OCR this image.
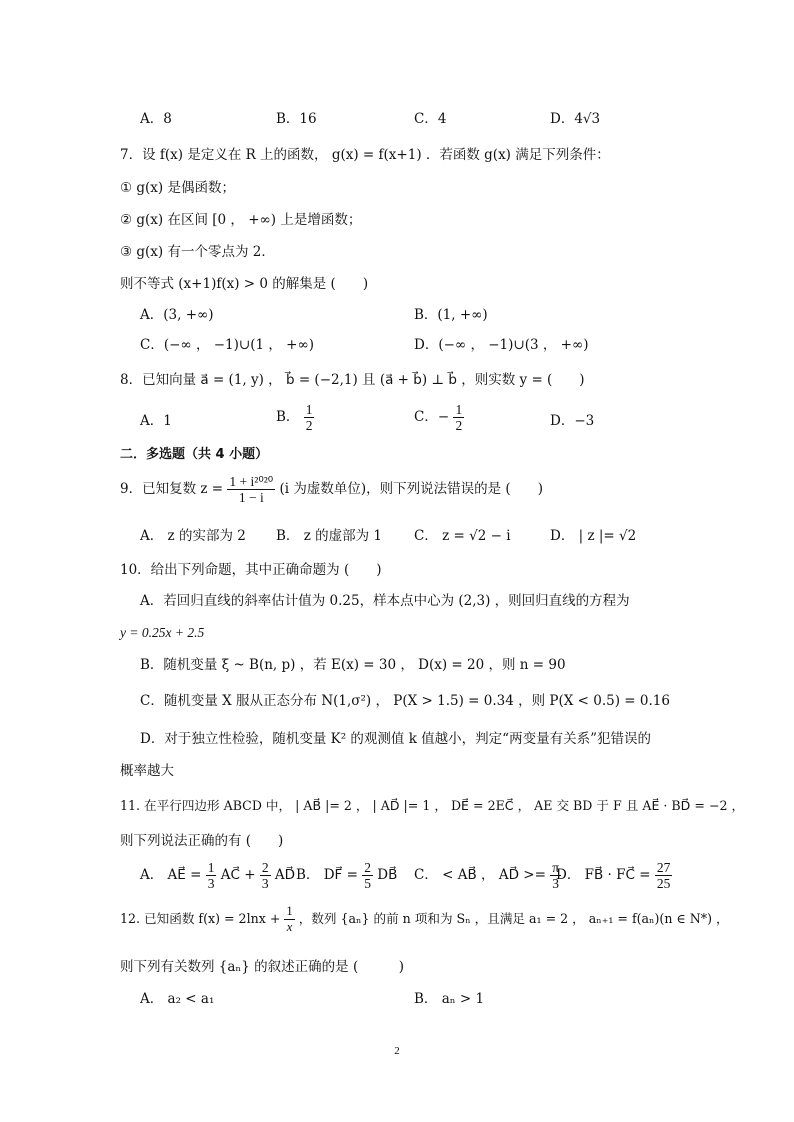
A．8	B．16	C．4	D．4√3
7．设 f(x) 是定义在 R 上的函数， g(x) = f(x+1) ．若函数 g(x) 满足下列条件：
① g(x) 是偶函数；
② g(x) 在区间 [0 ， +∞) 上是增函数；
③ g(x) 有一个零点为 2．
则不等式 (x+1)f(x) > 0 的解集是 (　　)
A．(3, +∞)	B．(1, +∞)
C．(−∞ ， −1)∪(1 ， +∞)	D．(−∞ ， −1)∪(3 ， +∞)
8．已知向量 a⃗ = (1, y) ， b⃗ = (−2,1) 且 (a⃗ + b⃗) ⊥ b⃗ ，则实数 y = (　　)
A．1	B． $\frac{1}{2}$	C．− $\frac{1}{2}$	D．−3
二．多选题（共 4 小题）
9．已知复数 $z = \frac{\text{1 + i²⁰²⁰}}{1 - i} (i$ 为虚数单位)，则下列说法错误的是 (　　)
A． z 的实部为 2 B． z 的虚部为 1 C． z = √2 − i	D． | z |= √2
10．给出下列命题，其中正确命题为 (　　)
A．若回归直线的斜率估计值为 0.25，样本点中心为 (2,3) ，则回归直线的方程为
y = 0.25x + 2.5
B．随机变量 ξ ~ B(n, p) ，若 E(x) = 30 ， D(x) = 20 ，则 n = 90
C．随机变量 X 服从正态分布 N(1,σ²) ， P(X > 1.5) = 0.34 ，则 P(X < 0.5) = 0.16
D．对于独立性检验，随机变量 K² 的观测值 k 值越小，判定“两变量有关系”犯错误的
概率越大
11. 在平行四边形 ABCD 中， | AB⃗ |= 2 ， | AD⃗ |= 1 ， DE⃗ = 2EC⃗ ， AE 交 BD 于 F 且 AE⃗ · BD⃗ = −2 ，
则下列说法正确的有 (　　)
A． AE⃗ = $\frac{1}{3}$ AC⃗ + $\frac{2}{3}$ AD⃗ B． DF⃗ = $\frac{2}{5}$ DB⃗ C． < AB⃗ ， AD⃗ >= $\frac{\pi}{3}$
D． FB⃗ · FC⃗ = $\frac{27}{25}$
12. 已知函数 $f(x) = 2\ln x + \frac{1}{x}$ ，数列 {aₙ} 的前 n 项和为 Sₙ ，且满足 a₁ = 2 ， aₙ₊₁ = f(aₙ)(n ∈ N*) ，
则下列有关数列 {aₙ} 的叙述正确的是 (　　　)
A． a₂ < a₁	B． aₙ > 1
2
